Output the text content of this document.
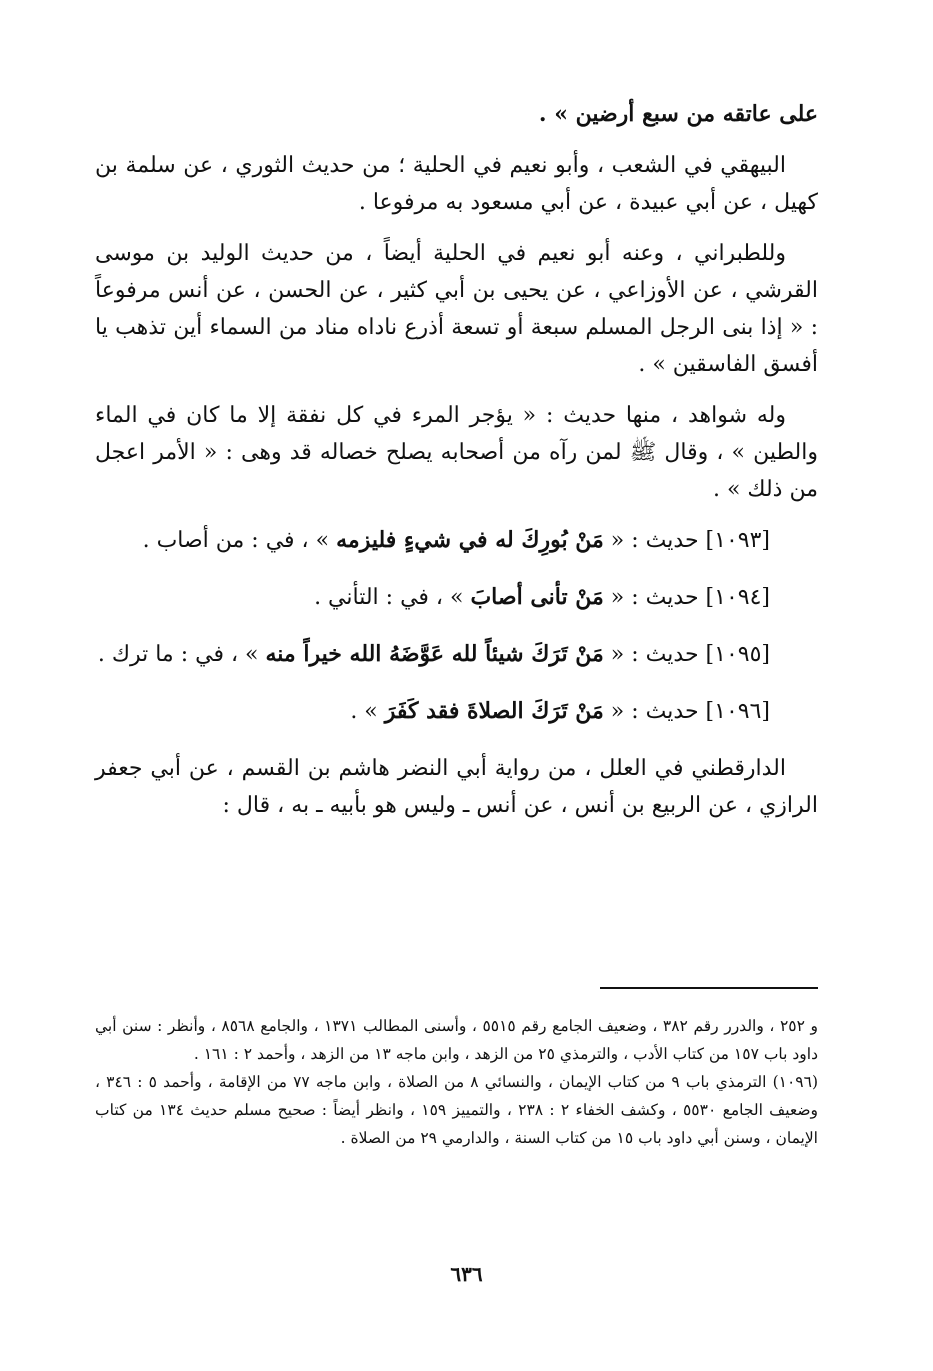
على عاتقه من سبع أرضين » .

البيهقي في الشعب ، وأبو نعيم في الحلية ؛ من حديث الثوري ، عن سلمة بن كهيل ، عن أبي عبيدة ، عن أبي مسعود به مرفوعا .

وللطبراني ، وعنه أبو نعيم في الحلية أيضاً ، من حديث الوليد بن موسى القرشي ، عن الأوزاعي ، عن يحيى بن أبي كثير ، عن الحسن ، عن أنس مرفوعاً : « إذا بنى الرجل المسلم سبعة أو تسعة أذرع ناداه مناد من السماء أين تذهب يا أفسق الفاسقين » .

وله شواهد ، منها حديث : « يؤجر المرء في كل نفقة إلا ما كان في الماء والطين » ، وقال ﷺ لمن رآه من أصحابه يصلح خصاله قد وهى : « الأمر اعجل من ذلك » .

[١٠٩٣] حديث : « مَنْ بُورِكَ له في شيءٍ فليزمه » ، في : من أصاب .

[١٠٩٤] حديث : « مَنْ تأنى أصابَ » ، في : التأني .

[١٠٩٥] حديث : « مَنْ تَرَكَ شيئاً لله عَوَّضَهُ الله خيراً منه » ، في : ما ترك .

[١٠٩٦] حديث : « مَنْ تَرَكَ الصلاةَ فقد كَفَرَ » .

الدارقطني في العلل ، من رواية أبي النضر هاشم بن القسم ، عن أبي جعفر الرازي ، عن الربيع بن أنس ، عن أنس ـ وليس هو بأبيه ـ به ، قال :

و ٢٥٢ ، والدرر رقم ٣٨٢ ، وضعيف الجامع رقم ٥٥١٥ ، وأسنى المطالب ١٣٧١ ، والجامع ٨٥٦٨ ، وأنظر : سنن أبي داود باب ١٥٧ من كتاب الأدب ، والترمذي ٢٥ من الزهد ، وابن ماجه ١٣ من الزهد ، وأحمد ٢ : ١٦١ .

(١٠٩٦) الترمذي باب ٩ من كتاب الإيمان ، والنسائي ٨ من الصلاة ، وابن ماجه ٧٧ من الإقامة ، وأحمد ٥ : ٣٤٦ ، وضعيف الجامع ٥٥٣٠ ، وكشف الخفاء ٢ : ٢٣٨ ، والتمييز ١٥٩ ، وانظر أيضاً : صحيح مسلم حديث ١٣٤ من كتاب الإيمان ، وسنن أبي داود باب ١٥ من كتاب السنة ، والدارمي ٢٩ من الصلاة .

٦٣٦
